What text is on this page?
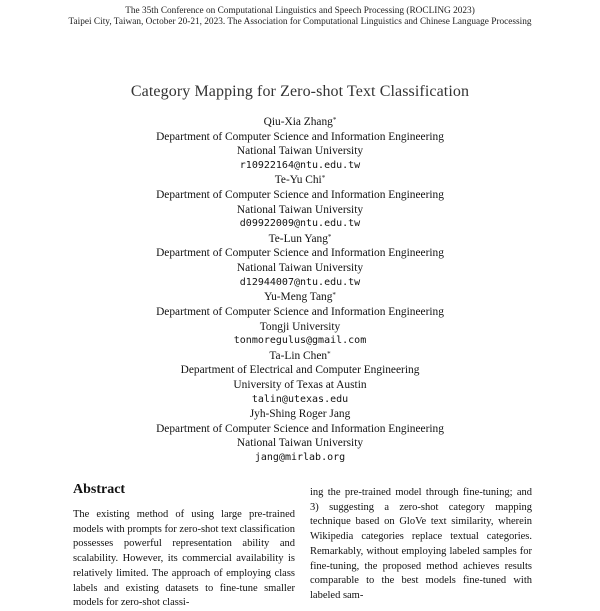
The 35th Conference on Computational Linguistics and Speech Processing (ROCLING 2023)
Taipei City, Taiwan, October 20-21, 2023. The Association for Computational Linguistics and Chinese Language Processing
Category Mapping for Zero-shot Text Classification
Qiu-Xia Zhang*
Department of Computer Science and Information Engineering
National Taiwan University
r10922164@ntu.edu.tw
Te-Yu Chi*
Department of Computer Science and Information Engineering
National Taiwan University
d09922009@ntu.edu.tw
Te-Lun Yang*
Department of Computer Science and Information Engineering
National Taiwan University
d12944007@ntu.edu.tw
Yu-Meng Tang*
Department of Computer Science and Information Engineering
Tongji University
tonmoregulus@gmail.com
Ta-Lin Chen*
Department of Electrical and Computer Engineering
University of Texas at Austin
talin@utexas.edu
Jyh-Shing Roger Jang
Department of Computer Science and Information Engineering
National Taiwan University
jang@mirlab.org
Abstract
The existing method of using large pre-trained models with prompts for zero-shot text classification possesses powerful representation ability and scalability. However, its commercial availability is relatively limited. The approach of employing class labels and existing datasets to fine-tune smaller models for zero-shot classi-
ing the pre-trained model through fine-tuning; and 3) suggesting a zero-shot category mapping technique based on GloVe text similarity, wherein Wikipedia categories replace textual categories. Remarkably, without employing labeled samples for fine-tuning, the proposed method achieves results comparable to the best models fine-tuned with labeled sam-
